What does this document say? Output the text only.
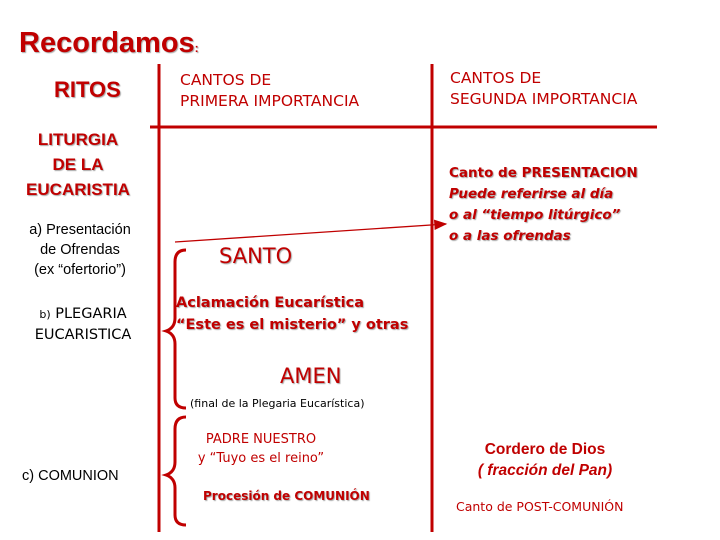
Recordamos:
RITOS	CANTOS DE
PRIMERA IMPORTANCIA
CANTOS DE
SEGUNDA IMPORTANCIA
LITURGIA
DE LA
EUCARISTIA
a) Presentación
de Ofrendas
(ex “ofertorio”)
b) PLEGARIA
EUCARISTICA
c) COMUNION
SANTO
Aclamación Eucarística
“Este es el misterio” y otras
AMEN
(final de la Plegaria Eucarística)
PADRE NUESTRO
y “Tuyo es el reino”
Procesión de COMUNIÓN
Canto de PRESENTACION
Puede referirse al día
o al “tiempo litúrgico”
o a las ofrendas
Cordero de Dios
( fracción del Pan)
Canto de POST-COMUNIÓN
